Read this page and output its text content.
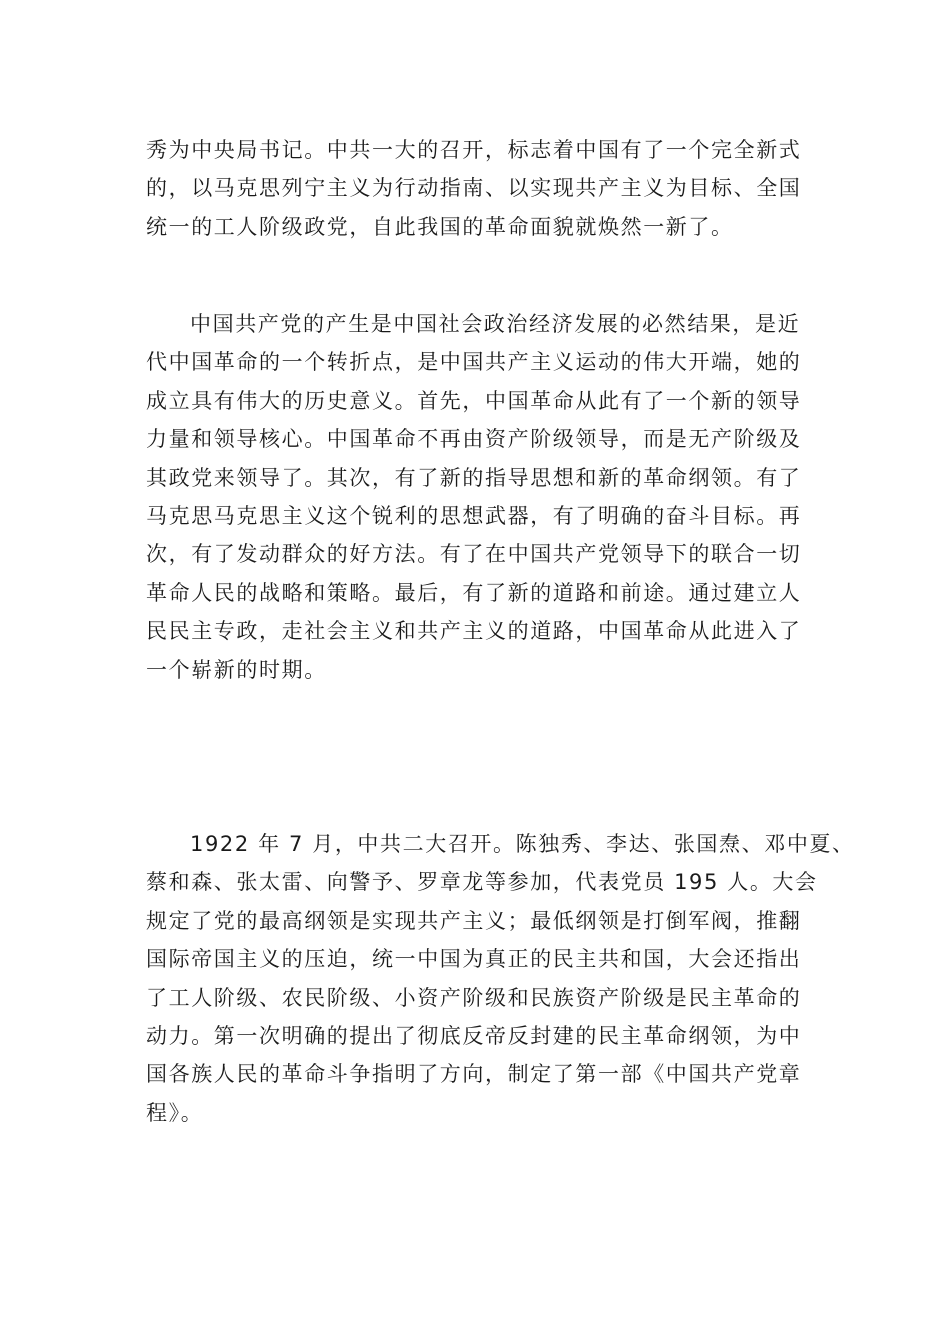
秀为中央局书记。中共一大的召开，标志着中国有了一个完全新式
的，以马克思列宁主义为行动指南、以实现共产主义为目标、全国
统一的工人阶级政党，自此我国的革命面貌就焕然一新了。
中国共产党的产生是中国社会政治经济发展的必然结果，是近
代中国革命的一个转折点，是中国共产主义运动的伟大开端，她的
成立具有伟大的历史意义。首先，中国革命从此有了一个新的领导
力量和领导核心。中国革命不再由资产阶级领导，而是无产阶级及
其政党来领导了。其次，有了新的指导思想和新的革命纲领。有了
马克思马克思主义这个锐利的思想武器，有了明确的奋斗目标。再
次，有了发动群众的好方法。有了在中国共产党领导下的联合一切
革命人民的战略和策略。最后，有了新的道路和前途。通过建立人
民民主专政，走社会主义和共产主义的道路，中国革命从此进入了
一个崭新的时期。
1922 年 7 月，中共二大召开。陈独秀、李达、张国焘、邓中夏、
蔡和森、张太雷、向警予、罗章龙等参加，代表党员 195 人。大会
规定了党的最高纲领是实现共产主义；最低纲领是打倒军阀，推翻
国际帝国主义的压迫，统一中国为真正的民主共和国，大会还指出
了工人阶级、农民阶级、小资产阶级和民族资产阶级是民主革命的
动力。第一次明确的提出了彻底反帝反封建的民主革命纲领，为中
国各族人民的革命斗争指明了方向，制定了第一部《中国共产党章
程》。
